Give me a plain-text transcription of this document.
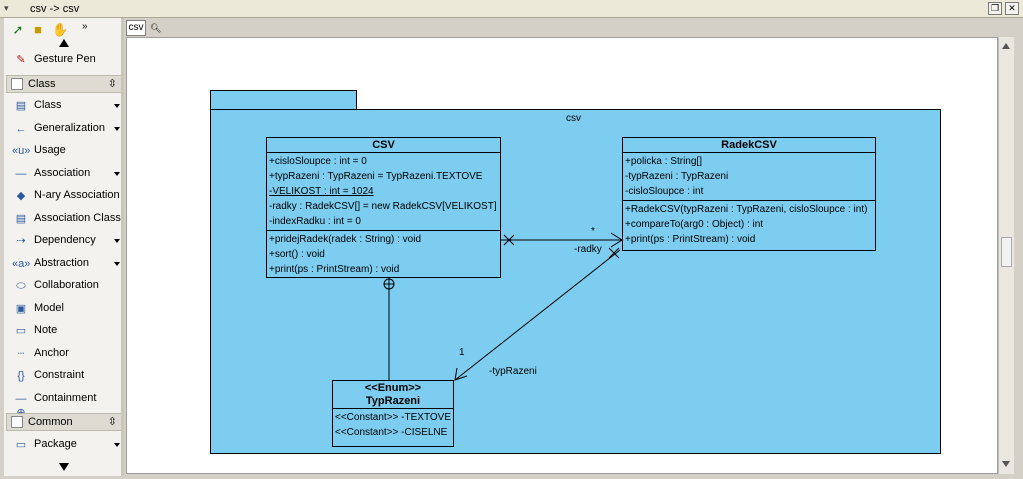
▾	csv -> csv	❐	✕
➚ ■ ✋ »
✎ Gesture Pen
Class	⇳
▤ Class
← Generalization
«u» Usage
— Association
◆ N-ary Association
▤ Association Class
⇢ Dependency
«a» Abstraction
⬭ Collaboration
▣ Model
▭ Note
┈ Anchor
{} Constraint
— Containment
Common	⇳
▭ Package
csv 🔍︎
csv
CSV
+cisloSloupce : int = 0
+typRazeni : TypRazeni = TypRazeni.TEXTOVE
-VELIKOST : int = 1024
-radky : RadekCSV[] = new RadekCSV[VELIKOST]
-indexRadku : int = 0
+pridejRadek(radek : String) : void
+sort() : void
+print(ps : PrintStream) : void
RadekCSV
+policka : String[]
-typRazeni : TypRazeni
-cisloSloupce : int
+RadekCSV(typRazeni : TypRazeni, cisloSloupce : int)
+compareTo(arg0 : Object) : int
+print(ps : PrintStream) : void
<<Enum>>
TypRazeni
<<Constant>> -TEXTOVE
<<Constant>> -CISELNE
*
-radky
1
-typRazeni
